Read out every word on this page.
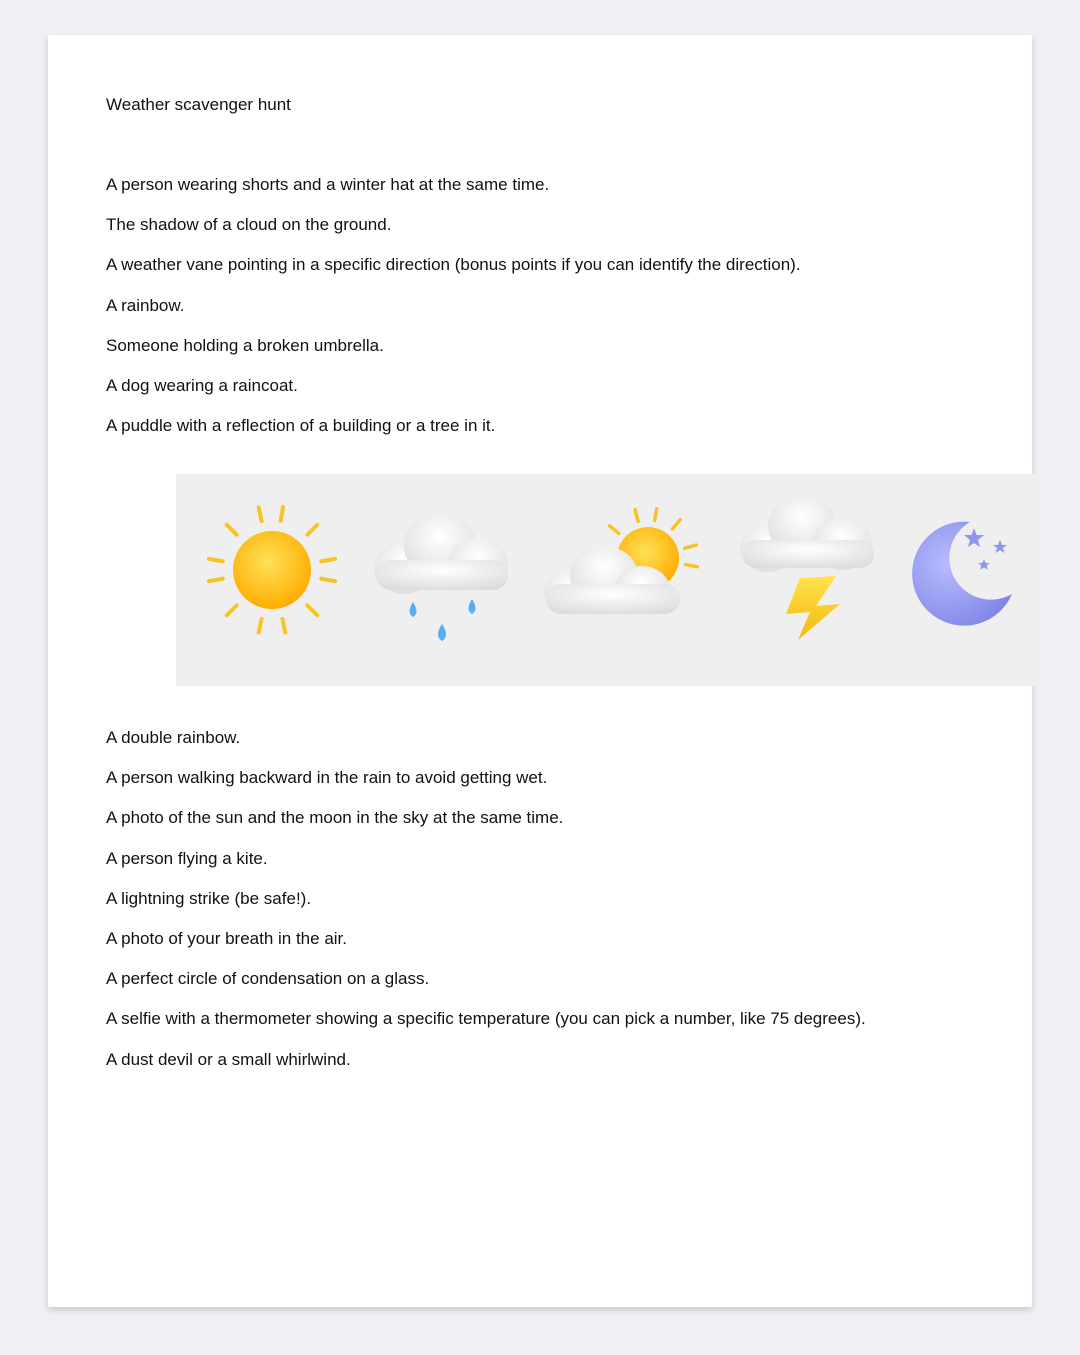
Weather scavenger hunt
A person wearing shorts and a winter hat at the same time.
The shadow of a cloud on the ground.
A weather vane pointing in a specific direction (bonus points if you can identify the direction).
A rainbow.
Someone holding a broken umbrella.
A dog wearing a raincoat.
A puddle with a reflection of a building or a tree in it.
A double rainbow.
A person walking backward in the rain to avoid getting wet.
A photo of the sun and the moon in the sky at the same time.
A person flying a kite.
A lightning strike (be safe!).
A photo of your breath in the air.
A perfect circle of condensation on a glass.
A selfie with a thermometer showing a specific temperature (you can pick a number, like 75 degrees).
A dust devil or a small whirlwind.
